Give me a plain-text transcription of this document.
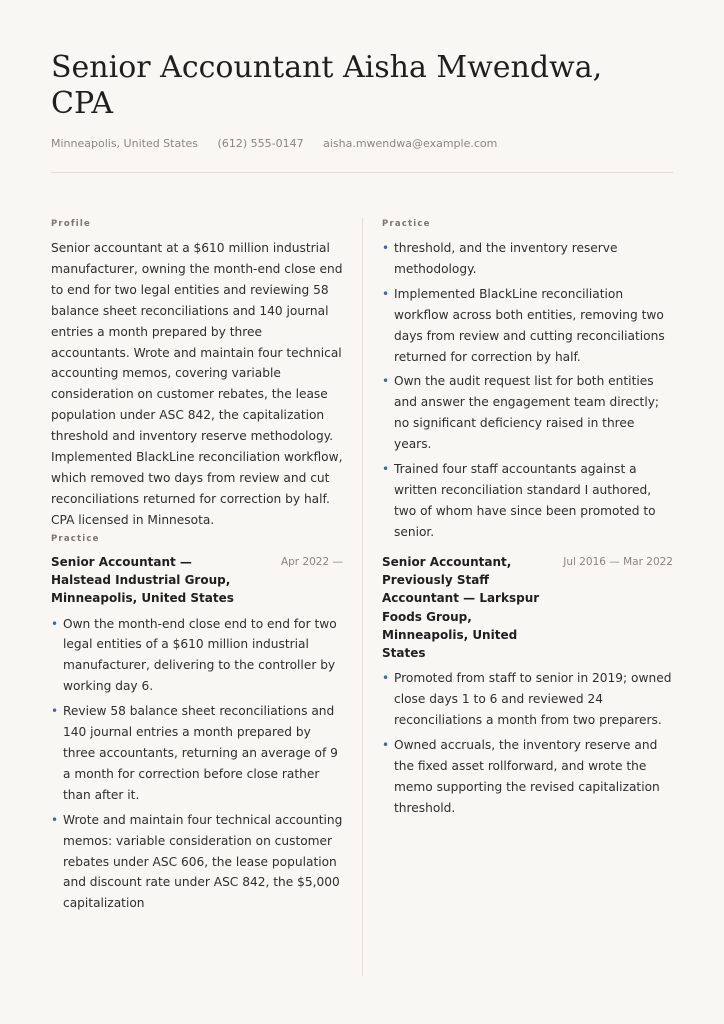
Senior Accountant Aisha Mwendwa, CPA
Minneapolis, United States (612) 555-0147 aisha.mwendwa@example.com
Profile

Senior accountant at a $610 million industrial manufacturer, owning the month-end close end to end for two legal entities and reviewing 58 balance sheet reconciliations and 140 journal entries a month prepared by three accountants. Wrote and maintain four technical accounting memos, covering variable consideration on customer rebates, the lease population under ASC 842, the capitalization threshold and inventory reserve methodology. Implemented BlackLine reconciliation workflow, which removed two days from review and cut reconciliations returned for correction by half. CPA licensed in Minnesota.

Practice
Senior Accountant — Halstead Industrial Group, Minneapolis, United States
Apr 2022 —
• Own the month-end close end to end for two legal entities of a $610 million industrial manufacturer, delivering to the controller by working day 6.
• Review 58 balance sheet reconciliations and 140 journal entries a month prepared by three accountants, returning an average of 9 a month for correction before close rather than after it.
• Wrote and maintain four technical accounting memos: variable consideration on customer rebates under ASC 606, the lease population and discount rate under ASC 842, the $5,000 capitalization
Practice
• threshold, and the inventory reserve methodology.
• Implemented BlackLine reconciliation workflow across both entities, removing two days from review and cutting reconciliations returned for correction by half.
• Own the audit request list for both entities and answer the engagement team directly; no significant deficiency raised in three years.
• Trained four staff accountants against a written reconciliation standard I authored, two of whom have since been promoted to senior.
Senior Accountant, Previously Staff Accountant — Larkspur Foods Group, Minneapolis, United States
Jul 2016 — Mar 2022
• Promoted from staff to senior in 2019; owned close days 1 to 6 and reviewed 24 reconciliations a month from two preparers.
• Owned accruals, the inventory reserve and the fixed asset rollforward, and wrote the memo supporting the revised capitalization threshold.
